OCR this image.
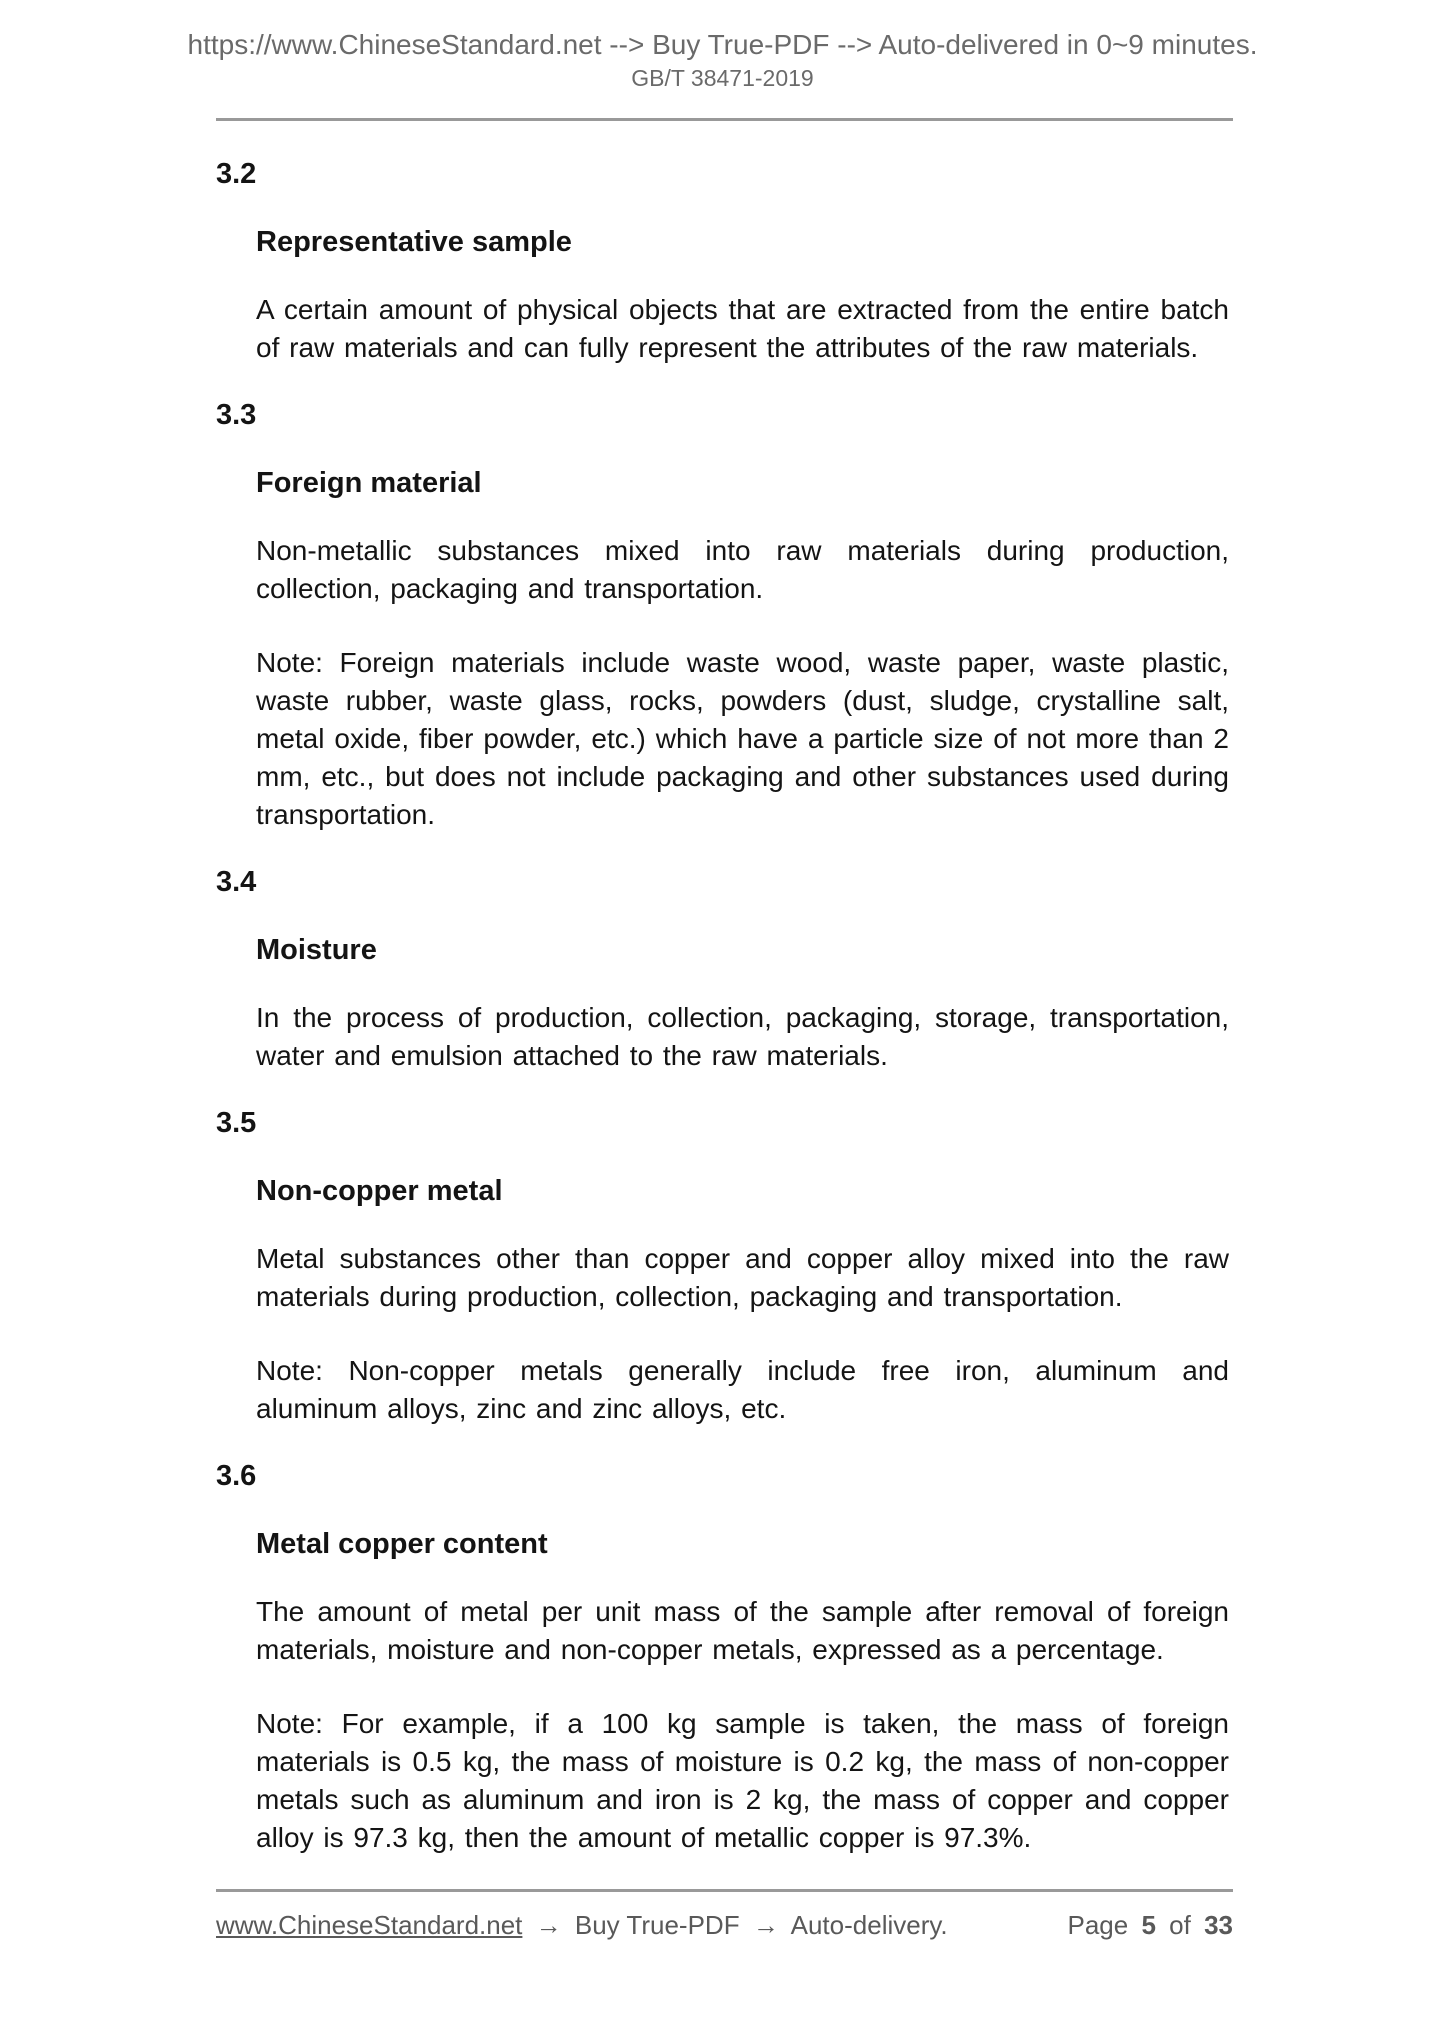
https://www.ChineseStandard.net --> Buy True-PDF --> Auto-delivered in 0~9 minutes.
GB/T 38471-2019
3.2
Representative sample

A certain amount of physical objects that are extracted from the entire batch of raw materials and can fully represent the attributes of the raw materials.

3.3
Foreign material

Non-metallic substances mixed into raw materials during production, collection, packaging and transportation.

Note: Foreign materials include waste wood, waste paper, waste plastic, waste rubber, waste glass, rocks, powders (dust, sludge, crystalline salt, metal oxide, fiber powder, etc.) which have a particle size of not more than 2 mm, etc., but does not include packaging and other substances used during transportation.

3.4
Moisture

In the process of production, collection, packaging, storage, transportation, water and emulsion attached to the raw materials.

3.5
Non-copper metal

Metal substances other than copper and copper alloy mixed into the raw materials during production, collection, packaging and transportation.

Note: Non-copper metals generally include free iron, aluminum and aluminum alloys, zinc and zinc alloys, etc.

3.6
Metal copper content

The amount of metal per unit mass of the sample after removal of foreign materials, moisture and non-copper metals, expressed as a percentage.

Note: For example, if a 100 kg sample is taken, the mass of foreign materials is 0.5 kg, the mass of moisture is 0.2 kg, the mass of non-copper metals such as aluminum and iron is 2 kg, the mass of copper and copper alloy is 97.3 kg, then the amount of metallic copper is 97.3%.

www.ChineseStandard.net → Buy True-PDF → Auto-delivery.	Page 5 of 33
